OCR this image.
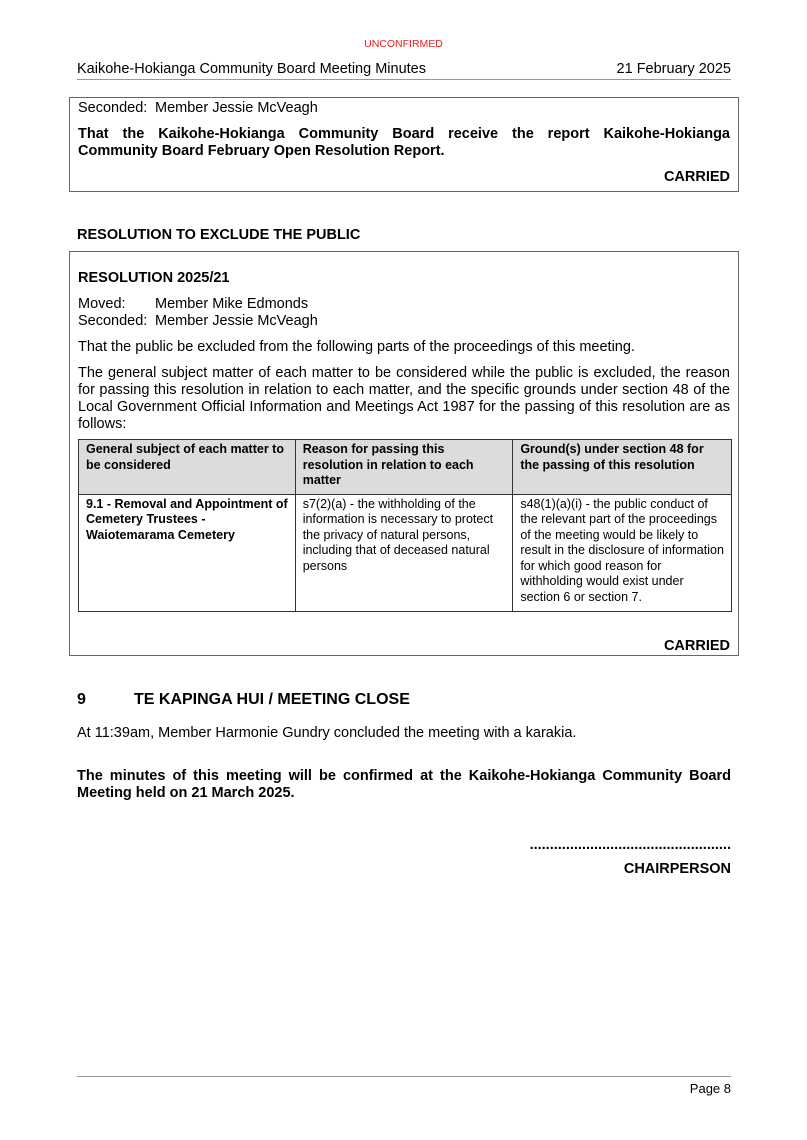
UNCONFIRMED
Kaikohe-Hokianga Community Board Meeting Minutes	21 February 2025

Seconded: Member Jessie McVeagh

That the Kaikohe-Hokianga Community Board receive the report Kaikohe-Hokianga Community Board February Open Resolution Report.

CARRIED

RESOLUTION TO EXCLUDE THE PUBLIC

RESOLUTION 2025/21

Moved: Member Mike Edmonds

Seconded: Member Jessie McVeagh

That the public be excluded from the following parts of the proceedings of this meeting.

The general subject matter of each matter to be considered while the public is excluded, the reason for passing this resolution in relation to each matter, and the specific grounds under section 48 of the Local Government Official Information and Meetings Act 1987 for the passing of this resolution are as follows:

General subject of each matter to be considered	Reason for passing this resolution in relation to each matter	Ground(s) under section 48 for the passing of this resolution
9.1 - Removal and Appointment of Cemetery Trustees - Waiotemarama Cemetery	s7(2)(a) - the withholding of the information is necessary to protect the privacy of natural persons, including that of deceased natural persons	s48(1)(a)(i) - the public conduct of the relevant part of the proceedings of the meeting would be likely to result in the disclosure of information for which good reason for withholding would exist under section 6 or section 7.

CARRIED

9	TE KAPINGA HUI / MEETING CLOSE
At 11:39am, Member Harmonie Gundry concluded the meeting with a karakia.
The minutes of this meeting will be confirmed at the Kaikohe-Hokianga Community Board Meeting held on 21 March 2025.
..................................................
CHAIRPERSON
Page 8
